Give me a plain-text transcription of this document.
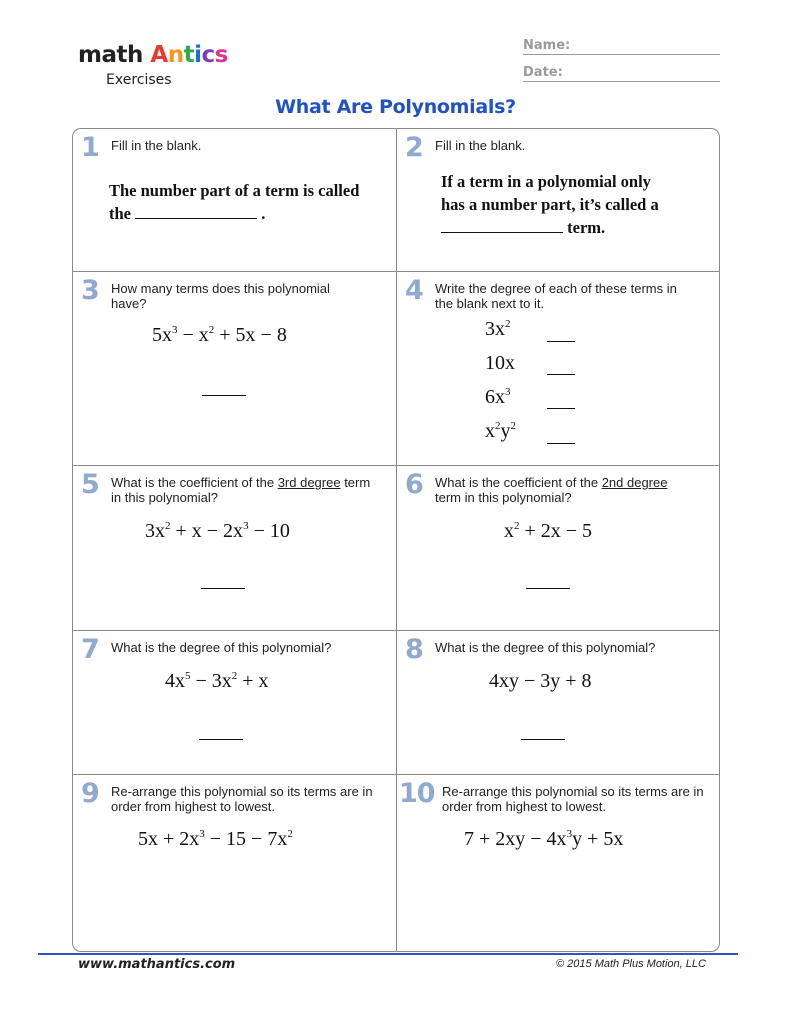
math Antics
Exercises
Name:
Date:
What Are Polynomials?
1 Fill in the blank.
The number part of a term is called
the	.
2 Fill in the blank.
If a term in a polynomial only
has a number part, it’s called a
term.
3 How many terms does this polynomial have?
$5x^3 - x^2 + 5x - 8$
4 Write the degree of each of these terms in the blank next to it.
$3x^2$
10x
$6x^3$
$x^2y^2$
5 What is the coefficient of the 3rd degree term in this polynomial?
$3x^2 + x - 2x^3 - 10$
6 What is the coefficient of the 2nd degree term in this polynomial?
$x^2 + 2x - 5$
7 What is the degree of this polynomial?
$4x^5 - 3x^2 + x$
8 What is the degree of this polynomial?
4xy − 3y + 8
9 Re-arrange this polynomial so its terms are in order from highest to lowest.
$5x + 2x^3 - 15 - 7x^2$
10 Re-arrange this polynomial so its terms are in order from highest to lowest.
$7 + 2xy - 4x^3y + 5x$
www.mathantics.com	© 2015 Math Plus Motion, LLC
